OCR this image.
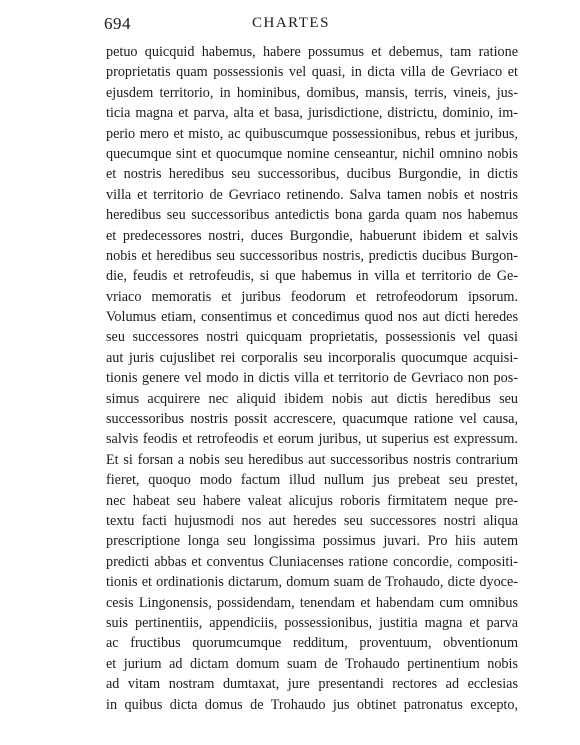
694	CHARTES
petuo quicquid habemus, habere possumus et debemus, tam ratione
proprietatis quam possessionis vel quasi, in dicta villa de Gevriaco et
ejusdem territorio, in hominibus, domibus, mansis, terris, vineis, jus-
ticia magna et parva, alta et basa, jurisdictione, districtu, dominio, im-
perio mero et misto, ac quibuscumque possessionibus, rebus et juribus,
quecumque sint et quocumque nomine censeantur, nichil omnino nobis
et nostris heredibus seu successoribus, ducibus Burgondie, in dictis
villa et territorio de Gevriaco retinendo. Salva tamen nobis et nostris
heredibus seu successoribus antedictis bona garda quam nos habemus
et predecessores nostri, duces Burgondie, habuerunt ibidem et salvis
nobis et heredibus seu successoribus nostris, predictis ducibus Burgon-
die, feudis et retrofeudis, si que habemus in villa et territorio de Ge-
vriaco memoratis et juribus feodorum et retrofeodorum ipsorum.
Volumus etiam, consentimus et concedimus quod nos aut dicti heredes
seu successores nostri quicquam proprietatis, possessionis vel quasi
aut juris cujuslibet rei corporalis seu incorporalis quocumque acquisi-
tionis genere vel modo in dictis villa et territorio de Gevriaco non pos-
simus acquirere nec aliquid ibidem nobis aut dictis heredibus seu
successoribus nostris possit accrescere, quacumque ratione vel causa,
salvis feodis et retrofeodis et eorum juribus, ut superius est expressum.
Et si forsan a nobis seu heredibus aut successoribus nostris contrarium
fieret, quoquo modo factum illud nullum jus prebeat seu prestet,
nec habeat seu habere valeat alicujus roboris firmitatem neque pre-
textu facti hujusmodi nos aut heredes seu successores nostri aliqua
prescriptione longa seu longissima possimus juvari. Pro hiis autem
predicti abbas et conventus Cluniacenses ratione concordie, compositi-
tionis et ordinationis dictarum, domum suam de Trohaudo, dicte dyoce-
cesis Lingonensis, possidendam, tenendam et habendam cum omnibus
suis pertinentiis, appendiciis, possessionibus, justitia magna et parva
ac fructibus quorumcumque redditum, proventuum, obventionum
et jurium ad dictam domum suam de Trohaudo pertinentium nobis
ad vitam nostram dumtaxat, jure presentandi rectores ad ecclesias
in quibus dicta domus de Trohaudo jus obtinet patronatus excepto,
